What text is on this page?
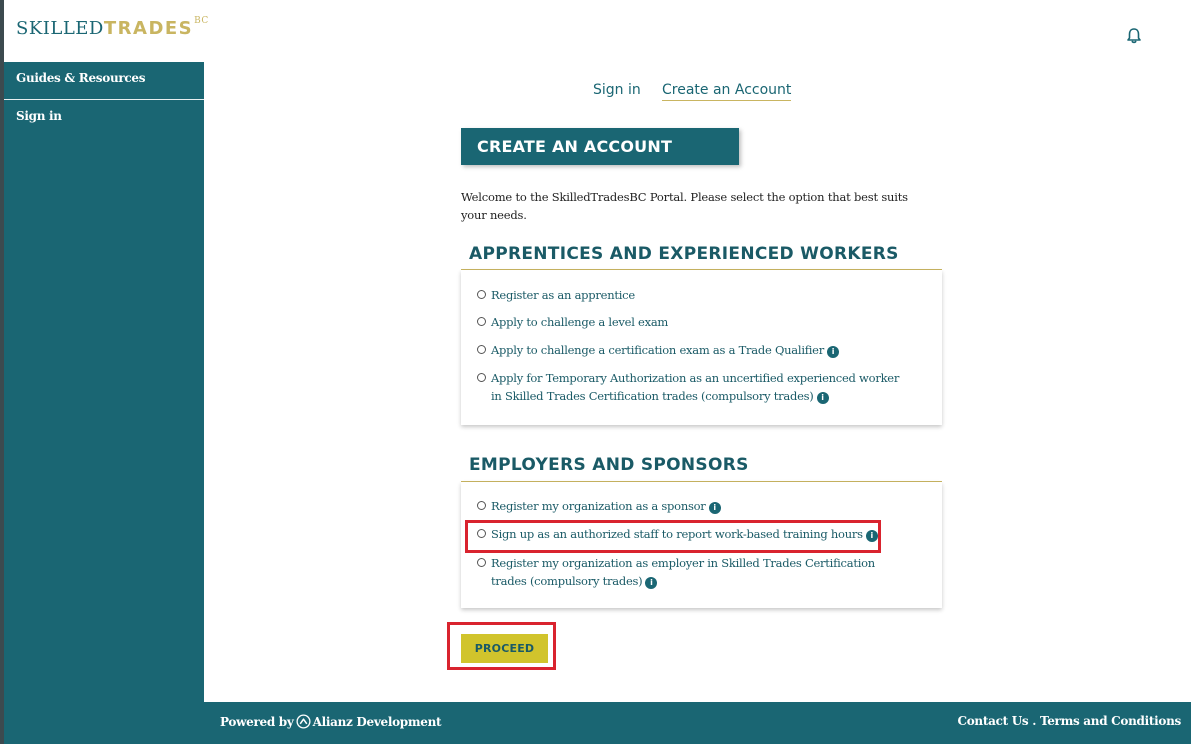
$SKILLEDTRADES^{BC}$
Guides & Resources
Sign in
Sign in Create an Account
CREATE AN ACCOUNT

Welcome to the SkilledTradesBC Portal. Please select the option that best suits your needs.

APPRENTICES AND EXPERIENCED WORKERS
Register as an apprentice
Apply to challenge a level exam
Apply to challenge a certification exam as a Trade Qualifier i
Apply for Temporary Authorization as an uncertified experienced worker in Skilled Trades Certification trades (compulsory trades) i
EMPLOYERS AND SPONSORS
Register my organization as a sponsor i
Sign up as an authorized staff to report work-based training hours i
Register my organization as employer in Skilled Trades Certification trades (compulsory trades) i
PROCEED
Powered by Alianz Development	Contact Us . Terms and Conditions
